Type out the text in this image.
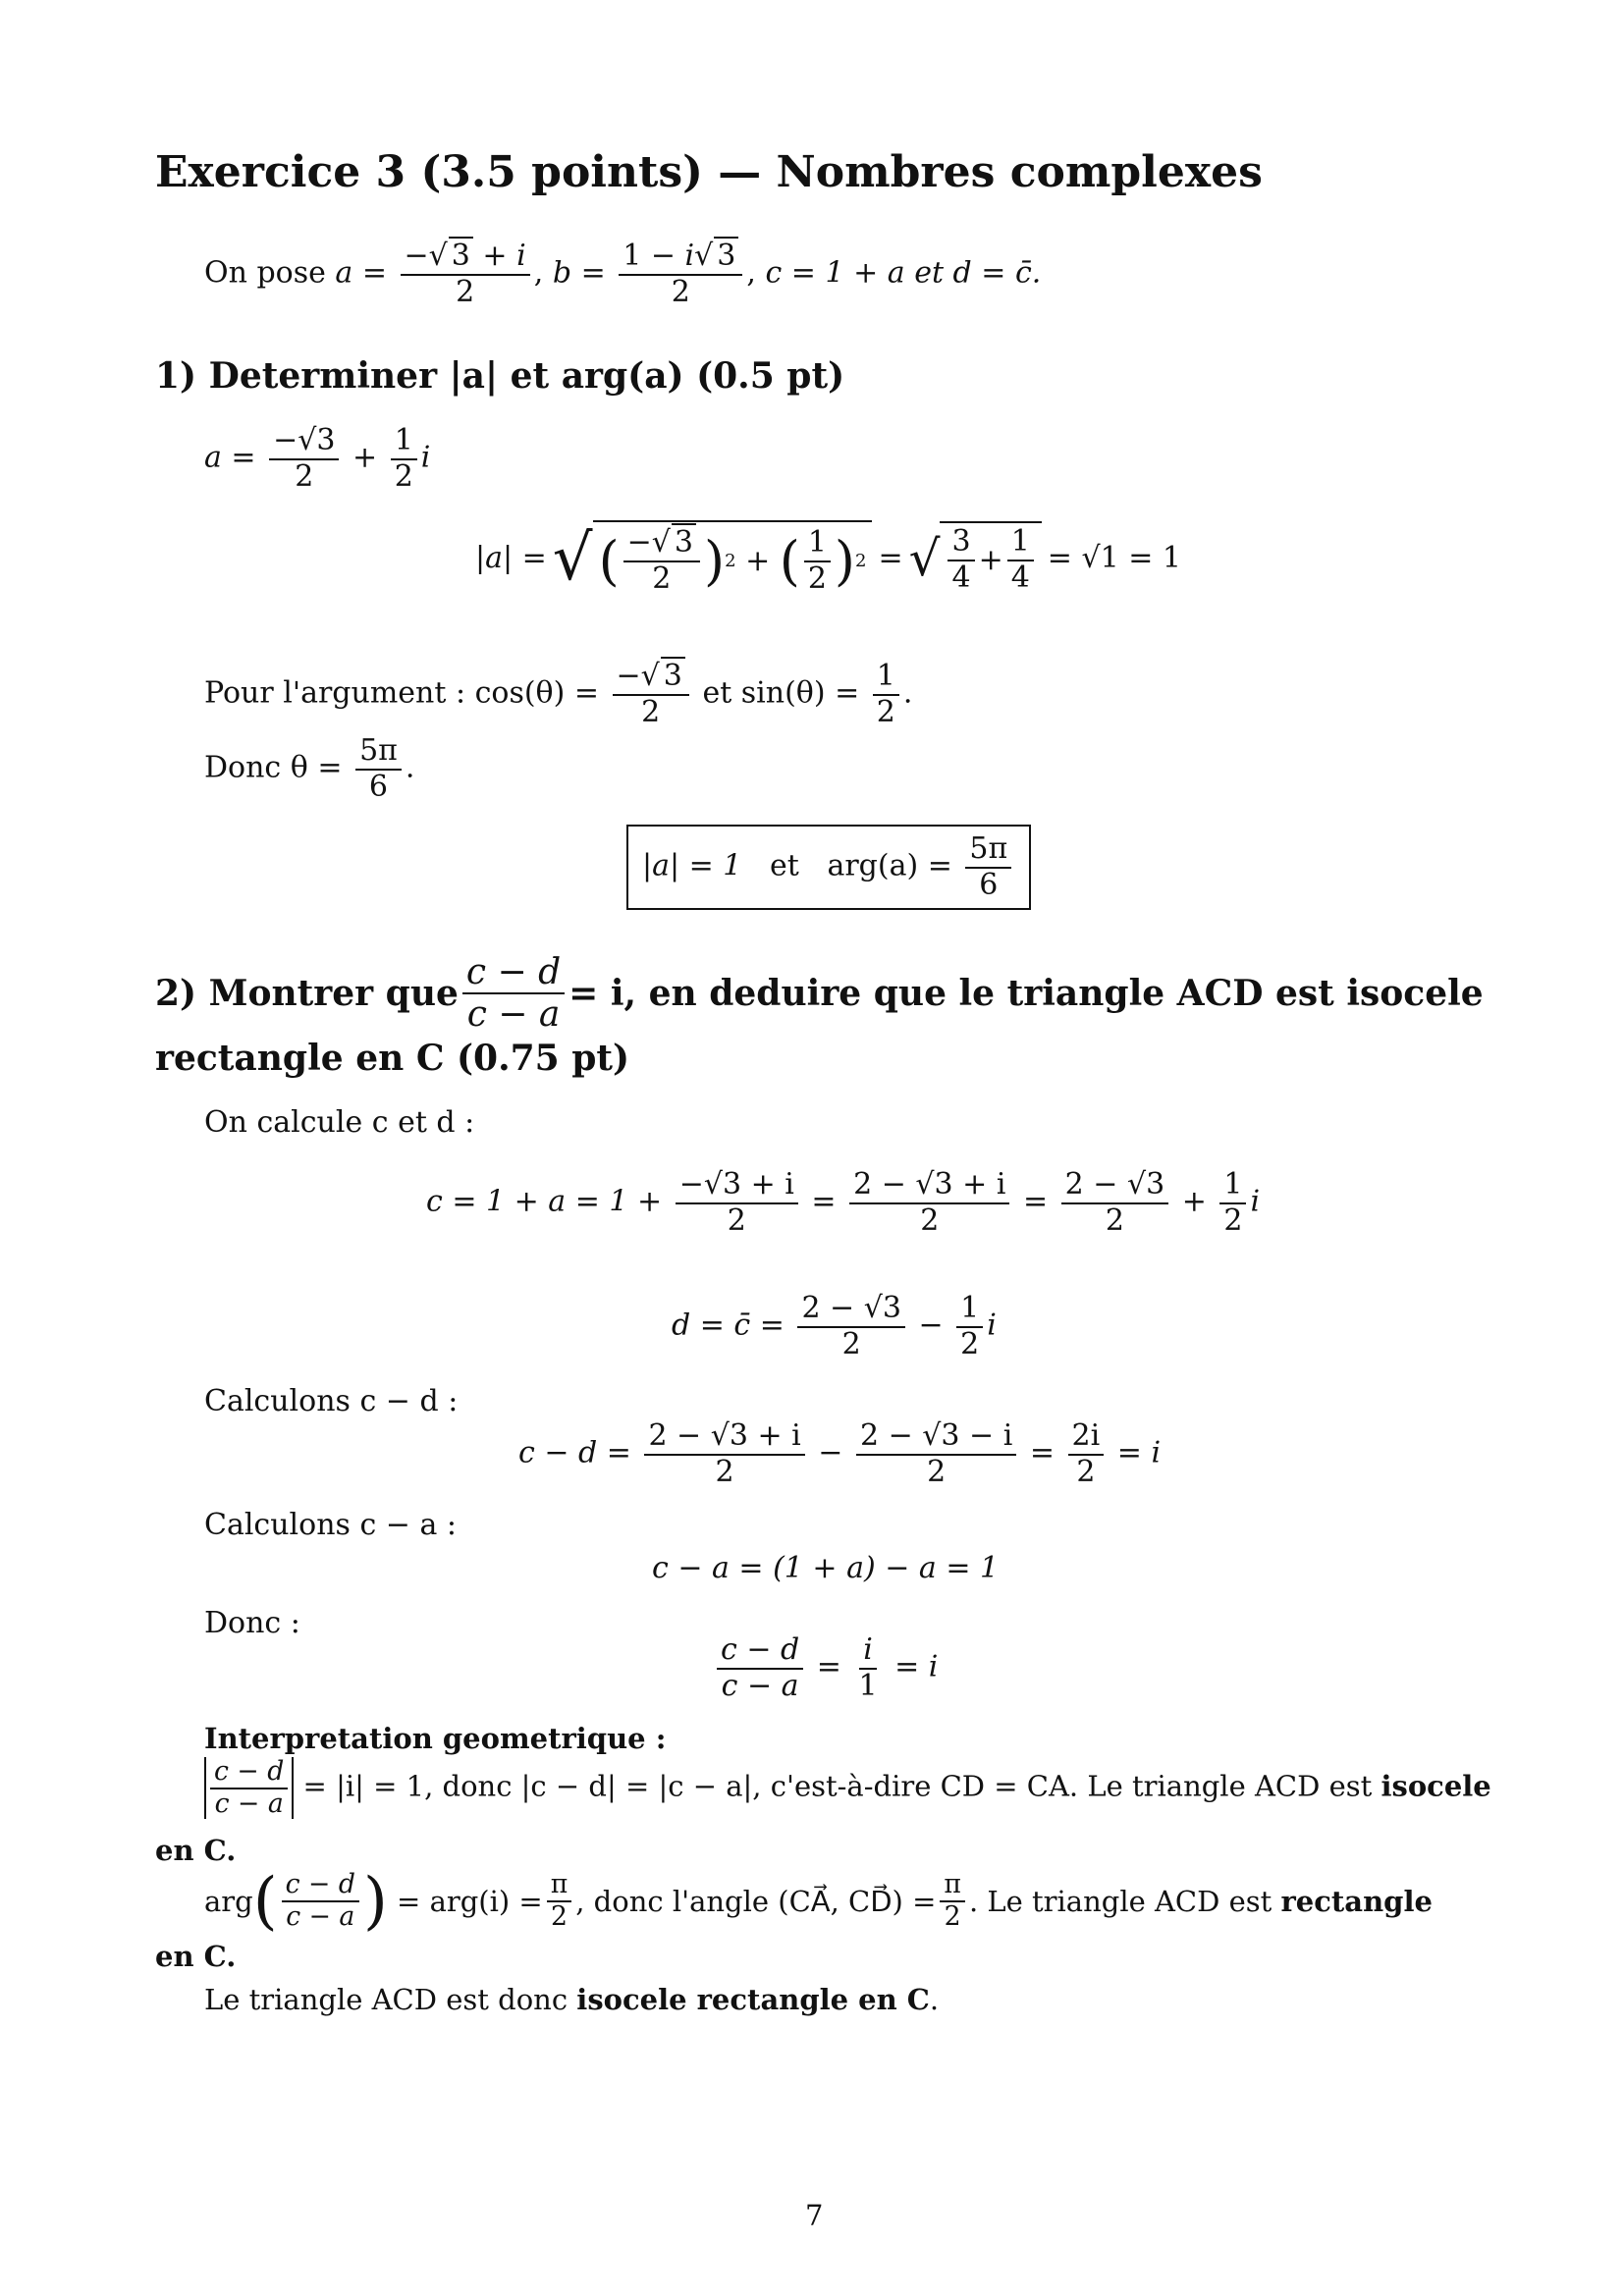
Exercice 3 (3.5 points) — Nombres complexes
On pose $a = \frac{-√ 3 + i}{2}$ , $b = \frac{1 - i√ 3}{2}$ , c = 1 + a et d = c̄.
1) Determiner |a| et arg(a) (0.5 pt)
$a = \frac{-√3}{2} + \frac{1}{2}$ i
|a| = √ ( −√ 3
2 ) 2 + ( 1
2 ) 2 = √ 3
4 +
1
4
= √1 = 1
Pour l'argument : $\cos(\theta) = \frac{-√ 3}{2}$ et $\sin(\theta) = \frac{1}{2}$ .
Donc $\theta = \frac{5\pi}{6}$ .
|a| = 1 et $arg(a) = \frac{5\pi}{6}$
2) Montrer que $\frac{c - d}{c - a} = i$, en deduire que le triangle ACD est isocele
rectangle en C (0.75 pt)
On calcule c et d :
$c = 1 + a = 1 + \frac{-√3 + i}{2} = \frac{2 - √3 + i}{2} = \frac{2 - √3}{2} + \frac{1}{2}$ i
d = c̄ = $\frac{2 - √3}{2} - \frac{1}{2}$ i
Calculons c − d :
$c - d = \frac{2 - √3 + i}{2} - \frac{2 - √3 - i}{2} = \frac{2i}{2} = i$
Calculons c − a :
c − a = (1 + a) − a = 1
Donc :
$\frac{c - d}{c - a} = \frac{i}{1} = i$
Interpretation geometrique :
$\frac{c - d}{c - a} = |i| = 1$, donc |c − d| = |c − a|, c'est-à-dire CD = CA. Le triangle ACD est isocele
en C.
arg ( c − d
c − a )
= $arg(i) = \frac{\pi}{2}$ , donc l'angle (CA⃗, CD⃗) = $\frac{\pi}{2}$ . Le triangle ACD est
rectangle
en C.
Le triangle ACD est donc isocele rectangle en C.
7
